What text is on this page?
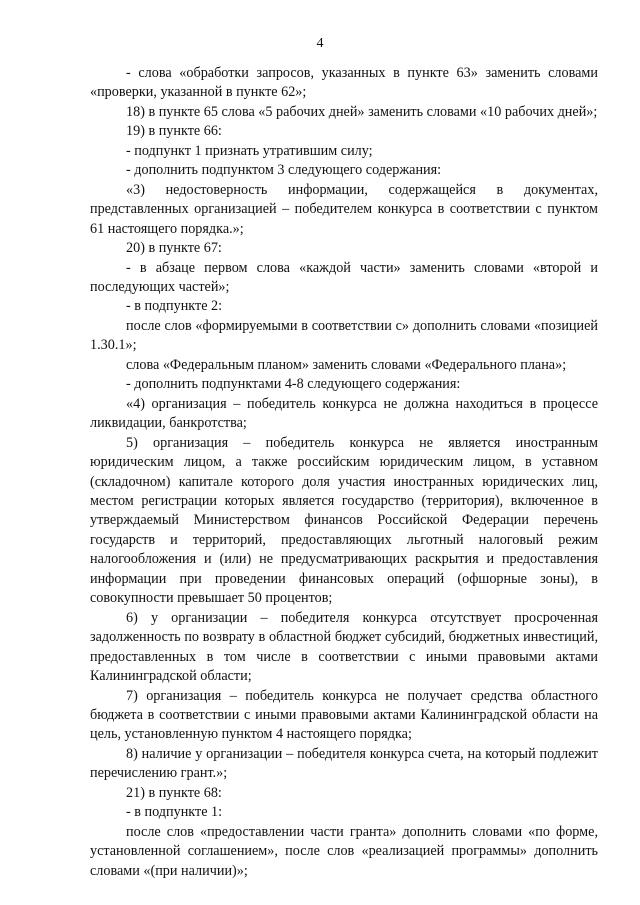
4

- слова «обработки запросов, указанных в пункте 63» заменить словами «проверки, указанной в пункте 62»;

18) в пункте 65 слова «5 рабочих дней» заменить словами «10 рабочих дней»;

19) в пункте 66:

- подпункт 1 признать утратившим силу;

- дополнить подпунктом 3 следующего содержания:

«3) недостоверность информации, содержащейся в документах, представленных организацией – победителем конкурса в соответствии с пунктом 61 настоящего порядка.»;

20) в пункте 67:

- в абзаце первом слова «каждой части» заменить словами «второй и последующих частей»;

- в подпункте 2:

после слов «формируемыми в соответствии с» дополнить словами «позицией 1.30.1»;

слова «Федеральным планом» заменить словами «Федерального плана»;

- дополнить подпунктами 4-8 следующего содержания:

«4) организация – победитель конкурса не должна находиться в процессе ликвидации, банкротства;

5) организация – победитель конкурса не является иностранным юридическим лицом, а также российским юридическим лицом, в уставном (складочном) капитале которого доля участия иностранных юридических лиц, местом регистрации которых является государство (территория), включенное в утверждаемый Министерством финансов Российской Федерации перечень государств и территорий, предоставляющих льготный налоговый режим налогообложения и (или) не предусматривающих раскрытия и предоставления информации при проведении финансовых операций (офшорные зоны), в совокупности превышает 50 процентов;

6) у организации – победителя конкурса отсутствует просроченная задолженность по возврату в областной бюджет субсидий, бюджетных инвестиций, предоставленных в том числе в соответствии с иными правовыми актами Калининградской области;

7) организация – победитель конкурса не получает средства областного бюджета в соответствии с иными правовыми актами Калининградской области на цель, установленную пунктом 4 настоящего порядка;

8) наличие у организации – победителя конкурса счета, на который подлежит перечислению грант.»;

21) в пункте 68:

- в подпункте 1:

после слов «предоставлении части гранта» дополнить словами «по форме, установленной соглашением», после слов «реализацией программы» дополнить словами «(при наличии)»;
